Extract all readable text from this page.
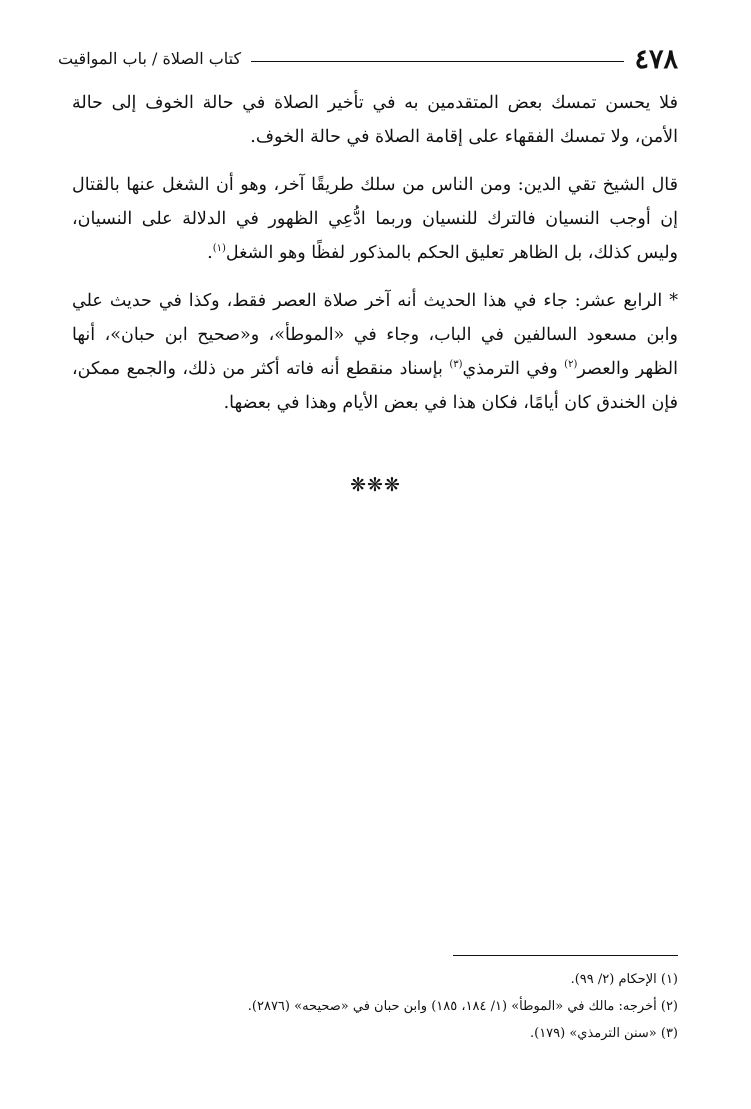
٤٧٨
كتاب الصلاة / باب المواقيت

فلا يحسن تمسك بعض المتقدمين به في تأخير الصلاة في حالة الخوف إلى حالة الأمن، ولا تمسك الفقهاء على إقامة الصلاة في حالة الخوف.

قال الشيخ تقي الدين: ومن الناس من سلك طريقًا آخر، وهو أن الشغل عنها بالقتال إن أوجب النسيان فالترك للنسيان وربما ادُّعِي الظهور في الدلالة على النسيان، وليس كذلك، بل الظاهر تعليق الحكم بالمذكور لفظًا وهو الشغل$^{(١)}$.

* الرابع عشر: جاء في هذا الحديث أنه آخر صلاة العصر فقط، وكذا في حديث علي وابن مسعود السالفين في الباب، وجاء في «الموطأ»، و«صحيح ابن حبان»، أنها الظهر والعصر$^{(٢)}$ وفي الترمذي$^{(٣)}$ بإسناد منقطع أنه فاته أكثر من ذلك، والجمع ممكن، فإن الخندق كان أيامًا، فكان هذا في بعض الأيام وهذا في بعضها.

❋❋❋
(١) الإحكام (٢/ ٩٩).
(٢) أخرجه: مالك في «الموطأ» (١/ ١٨٤، ١٨٥) وابن حبان في «صحيحه» (٢٨٧٦).
(٣) «سنن الترمذي» (١٧٩).
